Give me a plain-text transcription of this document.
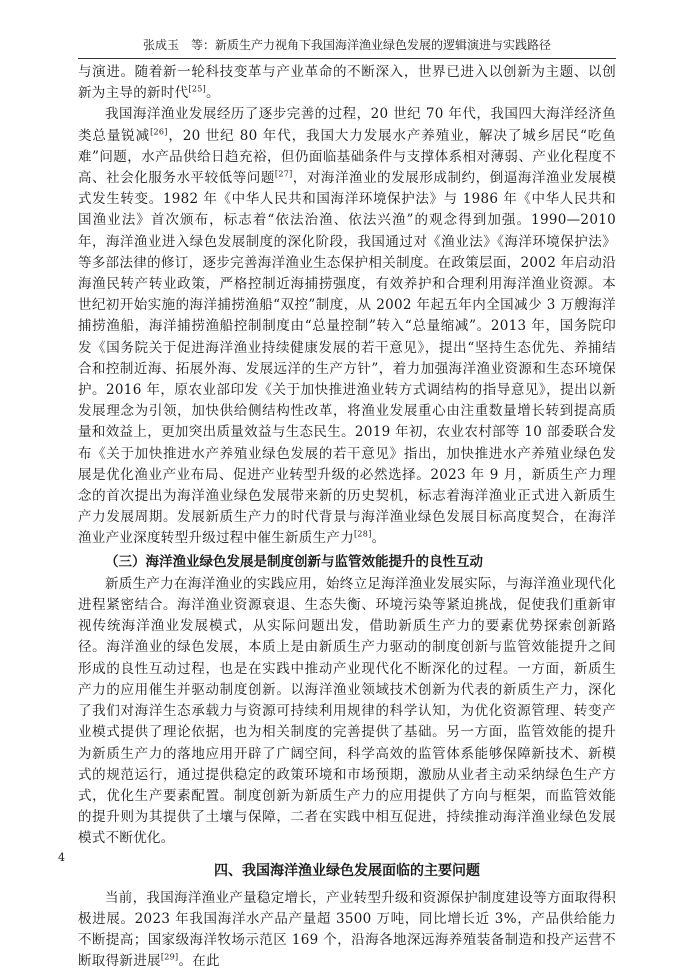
张成玉　等：新质生产力视角下我国海洋渔业绿色发展的逻辑演进与实践路径

与演进。随着新一轮科技变革与产业革命的不断深入，世界已进入以创新为主题、以创新为主导的新时代[25]。

我国海洋渔业发展经历了逐步完善的过程，20 世纪 70 年代，我国四大海洋经济鱼类总量锐减[26]，20 世纪 80 年代，我国大力发展水产养殖业，解决了城乡居民“吃鱼难”问题，水产品供给日趋充裕，但仍面临基础条件与支撑体系相对薄弱、产业化程度不高、社会化服务水平较低等问题[27]，对海洋渔业的发展形成制约，倒逼海洋渔业发展模式发生转变。1982 年《中华人民共和国海洋环境保护法》与 1986 年《中华人民共和国渔业法》首次颁布，标志着“依法治渔、依法兴渔”的观念得到加强。1990—2010 年，海洋渔业进入绿色发展制度的深化阶段，我国通过对《渔业法》《海洋环境保护法》等多部法律的修订，逐步完善海洋渔业生态保护相关制度。在政策层面，2002 年启动沿海渔民转产转业政策，严格控制近海捕捞强度，有效养护和合理利用海洋渔业资源。本世纪初开始实施的海洋捕捞渔船“双控”制度，从 2002 年起五年内全国减少 3 万艘海洋捕捞渔船，海洋捕捞渔船控制制度由“总量控制”转入“总量缩减”。2013 年，国务院印发《国务院关于促进海洋渔业持续健康发展的若干意见》，提出“坚持生态优先、养捕结合和控制近海、拓展外海、发展远洋的生产方针”，着力加强海洋渔业资源和生态环境保护。2016 年，原农业部印发《关于加快推进渔业转方式调结构的指导意见》，提出以新发展理念为引领，加快供给侧结构性改革，将渔业发展重心由注重数量增长转到提高质量和效益上，更加突出质量效益与生态民生。2019 年初，农业农村部等 10 部委联合发布《关于加快推进水产养殖业绿色发展的若干意见》指出，加快推进水产养殖业绿色发展是优化渔业产业布局、促进产业转型升级的必然选择。2023 年 9 月，新质生产力理念的首次提出为海洋渔业绿色发展带来新的历史契机，标志着海洋渔业正式进入新质生产力发展周期。发展新质生产力的时代背景与海洋渔业绿色发展目标高度契合，在海洋渔业产业深度转型升级过程中催生新质生产力[28]。

（三）海洋渔业绿色发展是制度创新与监管效能提升的良性互动

新质生产力在海洋渔业的实践应用，始终立足海洋渔业发展实际，与海洋渔业现代化进程紧密结合。海洋渔业资源衰退、生态失衡、环境污染等紧迫挑战，促使我们重新审视传统海洋渔业发展模式，从实际问题出发，借助新质生产力的要素优势探索创新路径。海洋渔业的绿色发展，本质上是由新质生产力驱动的制度创新与监管效能提升之间形成的良性互动过程，也是在实践中推动产业现代化不断深化的过程。一方面，新质生产力的应用催生并驱动制度创新。以海洋渔业领域技术创新为代表的新质生产力，深化了我们对海洋生态承载力与资源可持续利用规律的科学认知，为优化资源管理、转变产业模式提供了理论依据，也为相关制度的完善提供了基础。另一方面，监管效能的提升为新质生产力的落地应用开辟了广阔空间，科学高效的监管体系能够保障新技术、新模式的规范运行，通过提供稳定的政策环境和市场预期，激励从业者主动采纳绿色生产方式，优化生产要素配置。制度创新为新质生产力的应用提供了方向与框架，而监管效能的提升则为其提供了土壤与保障，二者在实践中相互促进，持续推动海洋渔业绿色发展模式不断优化。

四、我国海洋渔业绿色发展面临的主要问题

当前，我国海洋渔业产量稳定增长，产业转型升级和资源保护制度建设等方面取得积极进展。2023 年我国海洋水产品产量超 3500 万吨，同比增长近 3%，产品供给能力不断提高；国家级海洋牧场示范区 169 个，沿海各地深远海养殖装备制造和投产运营不断取得新进展[29]。在此

4
